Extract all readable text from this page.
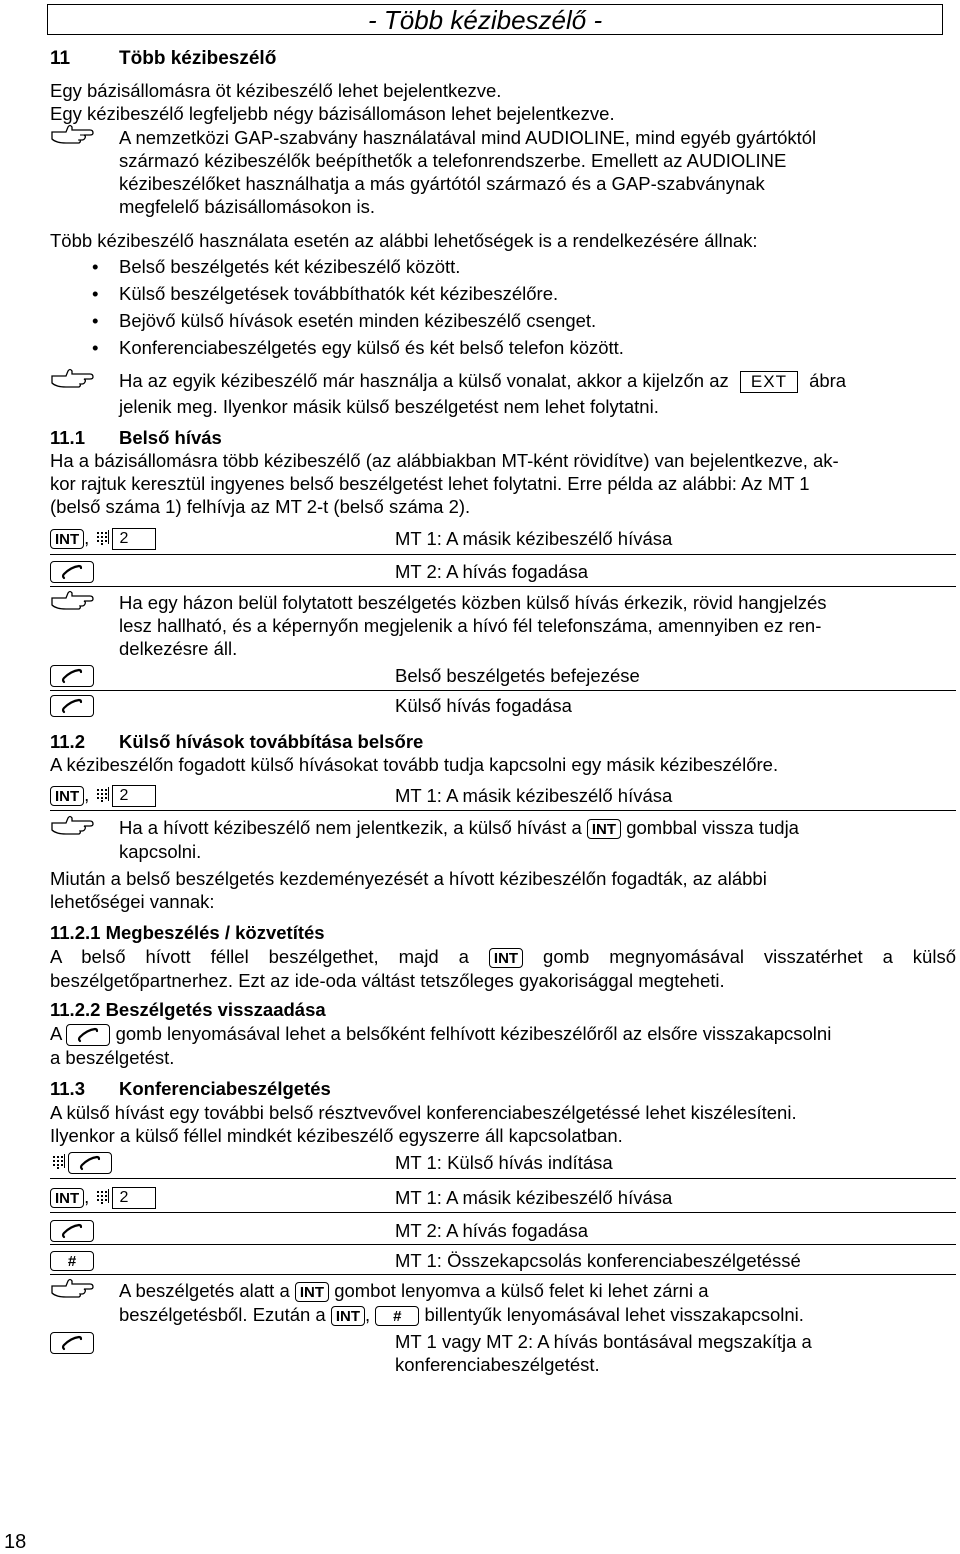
- Több kézibeszélő -
11	Több kézibeszélő
Egy bázisállomásra öt kézibeszélő lehet bejelentkezve.
Egy kézibeszélő legfeljebb négy bázisállomáson lehet bejelentkezve.
A nemzetközi GAP-szabvány használatával mind AUDIOLINE, mind egyéb gyártóktól
származó kézibeszélők beépíthetők a telefonrendszerbe. Emellett az AUDIOLINE
kézibeszélőket használhatja a más gyártótól származó és a GAP-szabványnak
megfelelő bázisállomásokon is.
Több kézibeszélő használata esetén az alábbi lehetőségek is a rendelkezésére állnak:
• Belső beszélgetés két kézibeszélő között.
• Külső beszélgetések továbbíthatók két kézibeszélőre.
• Bejövő külső hívások esetén minden kézibeszélő csenget.
• Konferenciabeszélgetés egy külső és két belső telefon között.
Ha az egyik kézibeszélő már használja a külső vonalat, akkor a kijelzőn az EXT ábra
jelenik meg. Ilyenkor másik külső beszélgetést nem lehet folytatni.
11.1 Belső hívás
Ha a bázisállomásra több kézibeszélő (az alábbiakban MT-ként rövidítve) van bejelentkezve, ak-
kor rajtuk keresztül ingyenes belső beszélgetést lehet folytatni. Erre példa az alábbi: Az MT 1
(belső száma 1) felhívja az MT 2-t (belső száma 2).
INT , 2	MT 1: A másik kézibeszélő hívása
MT 2: A hívás fogadása
Ha egy házon belül folytatott beszélgetés közben külső hívás érkezik, rövid hangjelzés
lesz hallható, és a képernyőn megjelenik a hívó fél telefonszáma, amennyiben ez ren-
delkezésre áll.
Belső beszélgetés befejezése
Külső hívás fogadása
11.2 Külső hívások továbbítása belsőre
A kézibeszélőn fogadott külső hívásokat tovább tudja kapcsolni egy másik kézibeszélőre.
INT , 2	MT 1: A másik kézibeszélő hívása
Ha a hívott kézibeszélő nem jelentkezik, a külső hívást a INT gombbal vissza tudja
kapcsolni.
Miután a belső beszélgetés kezdeményezését a hívott kézibeszélőn fogadták, az alábbi
lehetőségei vannak:
11.2.1 Megbeszélés / közvetítés
A belső hívott féllel beszélgethet, majd a INT gomb megnyomásával visszatérhet a külső
beszélgetőpartnerhez. Ezt az ide-oda váltást tetszőleges gyakorisággal megteheti.
11.2.2 Beszélgetés visszaadása
A	gomb lenyomásával lehet a belsőként felhívott kézibeszélőről az elsőre visszakapcsolni
a beszélgetést.
11.3 Konferenciabeszélgetés
A külső hívást egy további belső résztvevővel konferenciabeszélgetéssé lehet kiszélesíteni.
Ilyenkor a külső féllel mindkét kézibeszélő egyszerre áll kapcsolatban.
MT 1: Külső hívás indítása
INT , 2	MT 1: A másik kézibeszélő hívása
MT 2: A hívás fogadása
#	MT 1: Összekapcsolás konferenciabeszélgetéssé
A beszélgetés alatt a INT gombot lenyomva a külső felet ki lehet zárni a
beszélgetésből. Ezután a INT , # billentyűk lenyomásával lehet visszakapcsolni.
MT 1 vagy MT 2: A hívás bontásával megszakítja a
konferenciabeszélgetést.
18
